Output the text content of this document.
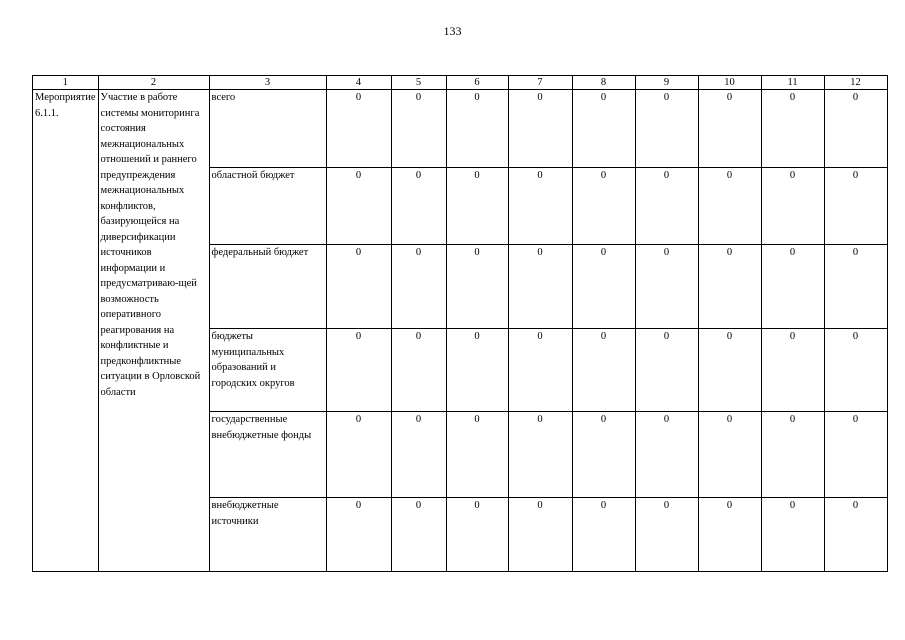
133
1	2	3	4	5	6	7	8	9	10	11	12
Мероприятие 6.1.1.	Участие в работе системы мониторинга состояния межнациональных отношений и раннего предупреждения межнациональных конфликтов, базирующейся на диверсификации источников информации и предусматриваю-щей возможность оперативного реагирования на конфликтные и предконфликтные ситуации в Орловской области	всего	0	0	0	0	0	0	0	0	0
		областной бюджет	0	0	0	0	0	0	0	0	0
		федеральный бюджет	0	0	0	0	0	0	0	0	0
		бюджеты муниципальных образований и городских округов	0	0	0	0	0	0	0	0	0
		государственные внебюджетные фонды	0	0	0	0	0	0	0	0	0
		внебюджетные источники	0	0	0	0	0	0	0	0	0
